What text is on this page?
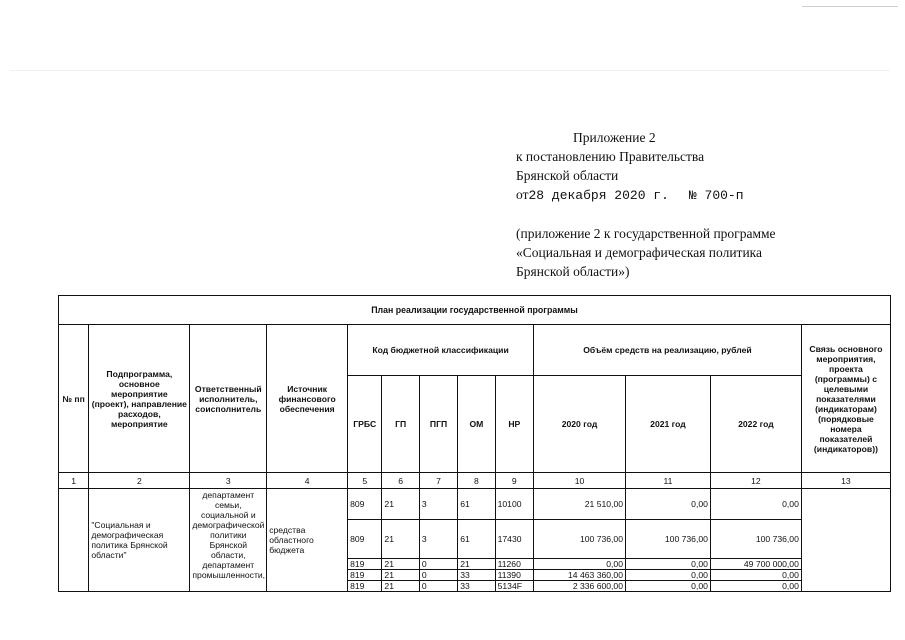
Приложение 2
к постановлению Правительства
Брянской области
от28 декабря 2020 г. № 700-п
(приложение 2 к государственной программе
«Социальная и демографическая политика
Брянской области»)
План реализации государственной программы												
№ пп	Подпрограмма, основное мероприятие (проект), направление расходов, мероприятие	Ответственный исполнитель, соисполнитель	Источник финансового обеспечения	Код бюджетной классификации					Объём средств на реализацию, рублей			Связь основного мероприятия, проекта (программы) с целевыми показателями (индикаторам) (порядковые номера показателей (индикаторов))
				ГРБС	ГП	ПГП	ОМ	НР	2020 год	2021 год	2022 год	
1	2	3	4	5	6	7	8	9	10	11	12	13
	"Социальная и демографическая политика Брянской области"	департамент семьи, социальной и демографической политики Брянской области, департамент промышленности,	средства областного бюджета	809	21	3	61	10100	21 510,00	0,00	0,00	
				809	21	3	61	17430	100 736,00	100 736,00	100 736,00	
				819	21	0	21	11260	0,00	0,00	49 700 000,00	
				819	21	0	33	11390	14 463 360,00	0,00	0,00	
				819	21	0	33	5134F	2 336 600,00	0,00	0,00	
